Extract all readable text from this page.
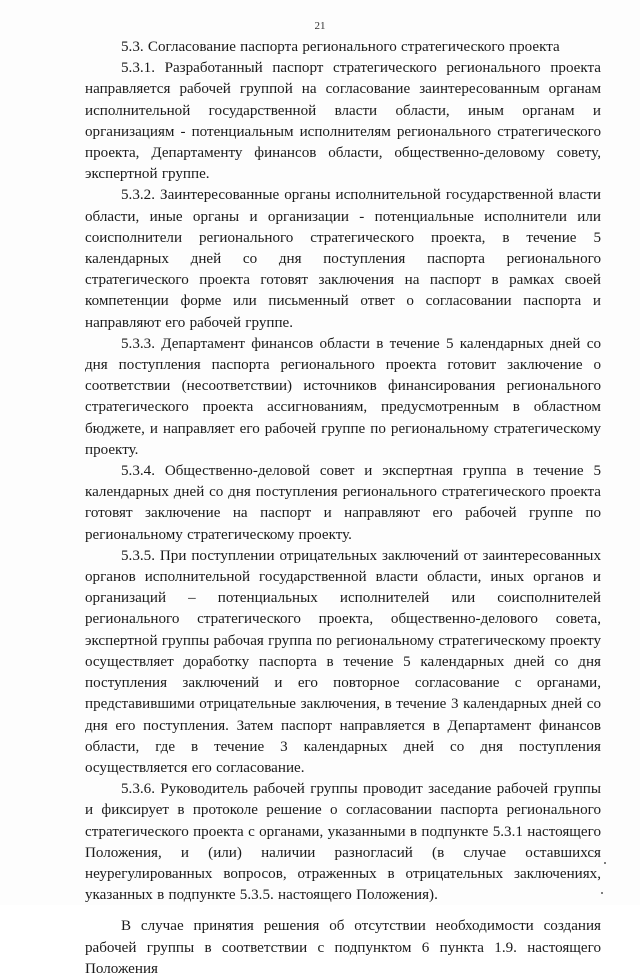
21

5.3. Согласование паспорта регионального стратегического проекта

5.3.1. Разработанный паспорт стратегического регионального проекта направляется рабочей группой на согласование заинтересованным органам исполнительной государственной власти области, иным органам и организациям - потенциальным исполнителям регионального стратегического проекта, Департаменту финансов области, общественно-деловому совету, экспертной группе.

5.3.2. Заинтересованные органы исполнительной государственной власти области, иные органы и организации - потенциальные исполнители или соисполнители регионального стратегического проекта, в течение 5 календарных дней со дня поступления паспорта регионального стратегического проекта готовят заключения на паспорт в рамках своей компетенции форме или письменный ответ о согласовании паспорта и направляют его рабочей группе.

5.3.3. Департамент финансов области в течение 5 календарных дней со дня поступления паспорта регионального проекта готовит заключение о соответствии (несоответствии) источников финансирования регионального стратегического проекта ассигнованиям, предусмотренным в областном бюджете, и направляет его рабочей группе по региональному стратегическому проекту.

5.3.4. Общественно-деловой совет и экспертная группа в течение 5 календарных дней со дня поступления регионального стратегического проекта готовят заключение на паспорт и направляют его рабочей группе по региональному стратегическому проекту.

5.3.5. При поступлении отрицательных заключений от заинтересованных органов исполнительной государственной власти области, иных органов и организаций – потенциальных исполнителей или соисполнителей регионального стратегического проекта, общественно-делового совета, экспертной группы рабочая группа по региональному стратегическому проекту осуществляет доработку паспорта в течение 5 календарных дней со дня поступления заключений и его повторное согласование с органами, представившими отрицательные заключения, в течение 3 календарных дней со дня его поступления. Затем паспорт направляется в Департамент финансов области, где в течение 3 календарных дней со дня поступления осуществляется его согласование.

5.3.6. Руководитель рабочей группы проводит заседание рабочей группы и фиксирует в протоколе решение о согласовании паспорта регионального стратегического проекта с органами, указанными в подпункте 5.3.1 настоящего Положения, и (или) наличии разногласий (в случае оставшихся неурегулированных вопросов, отраженных в отрицательных заключениях, указанных в подпункте 5.3.5. настоящего Положения).

В случае принятия решения об отсутствии необходимости создания рабочей группы в соответствии с подпунктом 6 пункта 1.9. настоящего Положения
